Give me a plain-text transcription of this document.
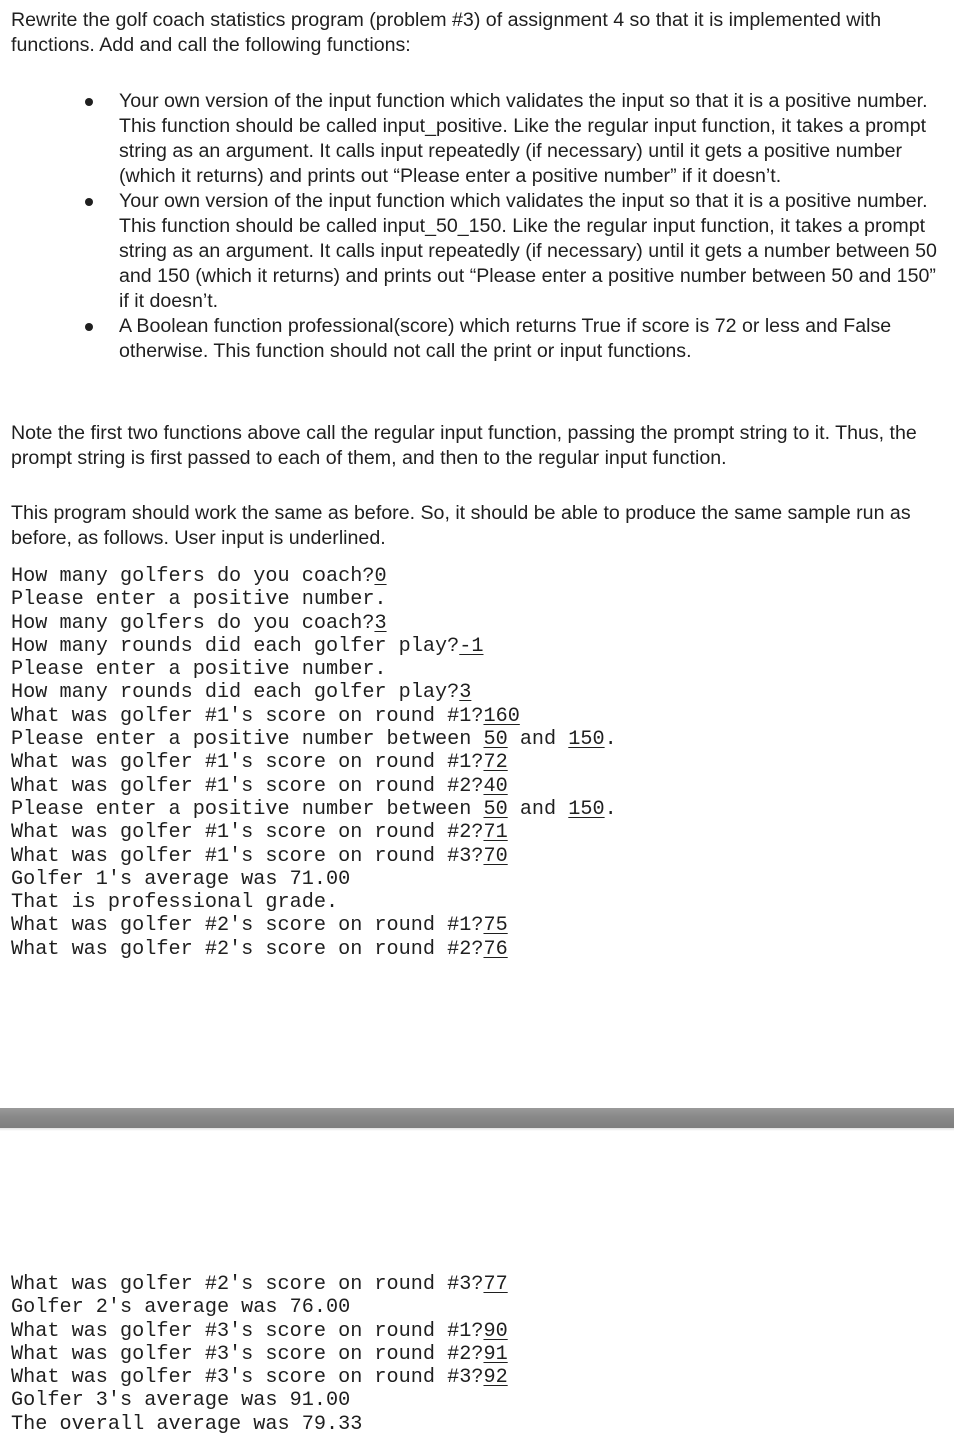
Rewrite the golf coach statistics program (problem #3) of assignment 4 so that it is implemented with functions. Add and call the following functions:

Your own version of the input function which validates the input so that it is a positive number. This function should be called input_positive. Like the regular input function, it takes a prompt string as an argument. It calls input repeatedly (if necessary) until it gets a positive number (which it returns) and prints out “Please enter a positive number” if it doesn’t.
Your own version of the input function which validates the input so that it is a positive number. This function should be called input_50_150. Like the regular input function, it takes a prompt string as an argument. It calls input repeatedly (if necessary) until it gets a number between 50 and 150 (which it returns) and prints out “Please enter a positive number between 50 and 150” if it doesn’t.
A Boolean function professional(score) which returns True if score is 72 or less and False otherwise. This function should not call the print or input functions.

Note the first two functions above call the regular input function, passing the prompt string to it. Thus, the prompt string is first passed to each of them, and then to the regular input function.

This program should work the same as before. So, it should be able to produce the same sample run as before, as follows. User input is underlined.

How many golfers do you coach?0
Please enter a positive number.
How many golfers do you coach?3
How many rounds did each golfer play?-1
Please enter a positive number.
How many rounds did each golfer play?3
What was golfer #1's score on round #1?160
Please enter a positive number between 50 and 150.
What was golfer #1's score on round #1?72
What was golfer #1's score on round #2?40
Please enter a positive number between 50 and 150.
What was golfer #1's score on round #2?71
What was golfer #1's score on round #3?70
Golfer 1's average was 71.00
That is professional grade.
What was golfer #2's score on round #1?75
What was golfer #2's score on round #2?76
What was golfer #2's score on round #3?77
Golfer 2's average was 76.00
What was golfer #3's score on round #1?90
What was golfer #3's score on round #2?91
What was golfer #3's score on round #3?92
Golfer 3's average was 91.00
The overall average was 79.33
